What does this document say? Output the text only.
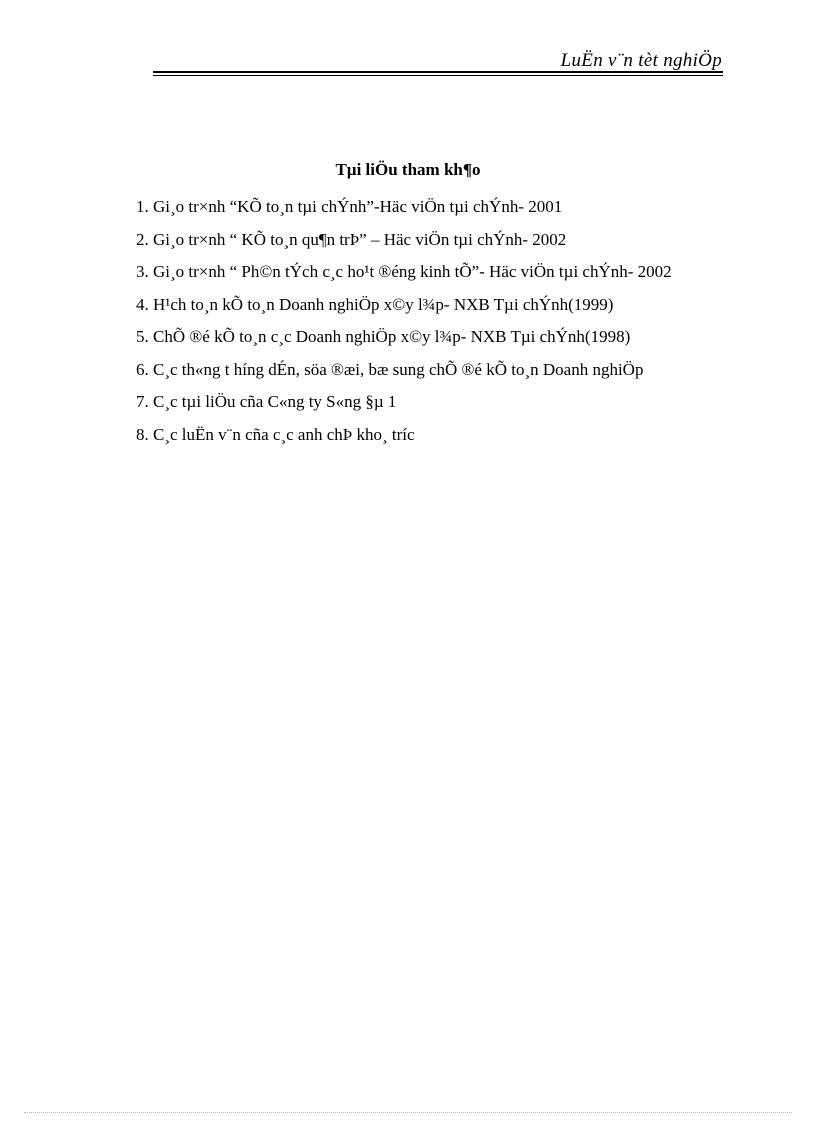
LuËn v¨n tèt nghiÖp
Tµi liÖu tham kh¶o
1. Gi¸o tr×nh “KÕ to¸n tµi chÝnh”-Häc viÖn tµi chÝnh- 2001
2. Gi¸o tr×nh “ KÕ to¸n qu¶n trÞ” – Häc viÖn tµi chÝnh- 2002
3. Gi¸o tr×nh “ Ph©n tÝch c¸c ho¹t ®éng kinh tÕ”- Häc viÖn tµi chÝnh- 2002
4. H¹ch to¸n kÕ to¸n Doanh nghiÖp x©y l¾p- NXB Tµi chÝnh(1999)
5. ChÕ ®é kÕ to¸n c¸c Doanh nghiÖp x©y l¾p- NXB Tµi chÝnh(1998)
6. C¸c th«ng t híng dÉn, söa ®æi, bæ sung chÕ ®é kÕ to¸n Doanh nghiÖp
7. C¸c tµi liÖu cña C«ng ty S«ng §µ 1
8. C¸c luËn v¨n cña c¸c anh chÞ kho¸ tríc
